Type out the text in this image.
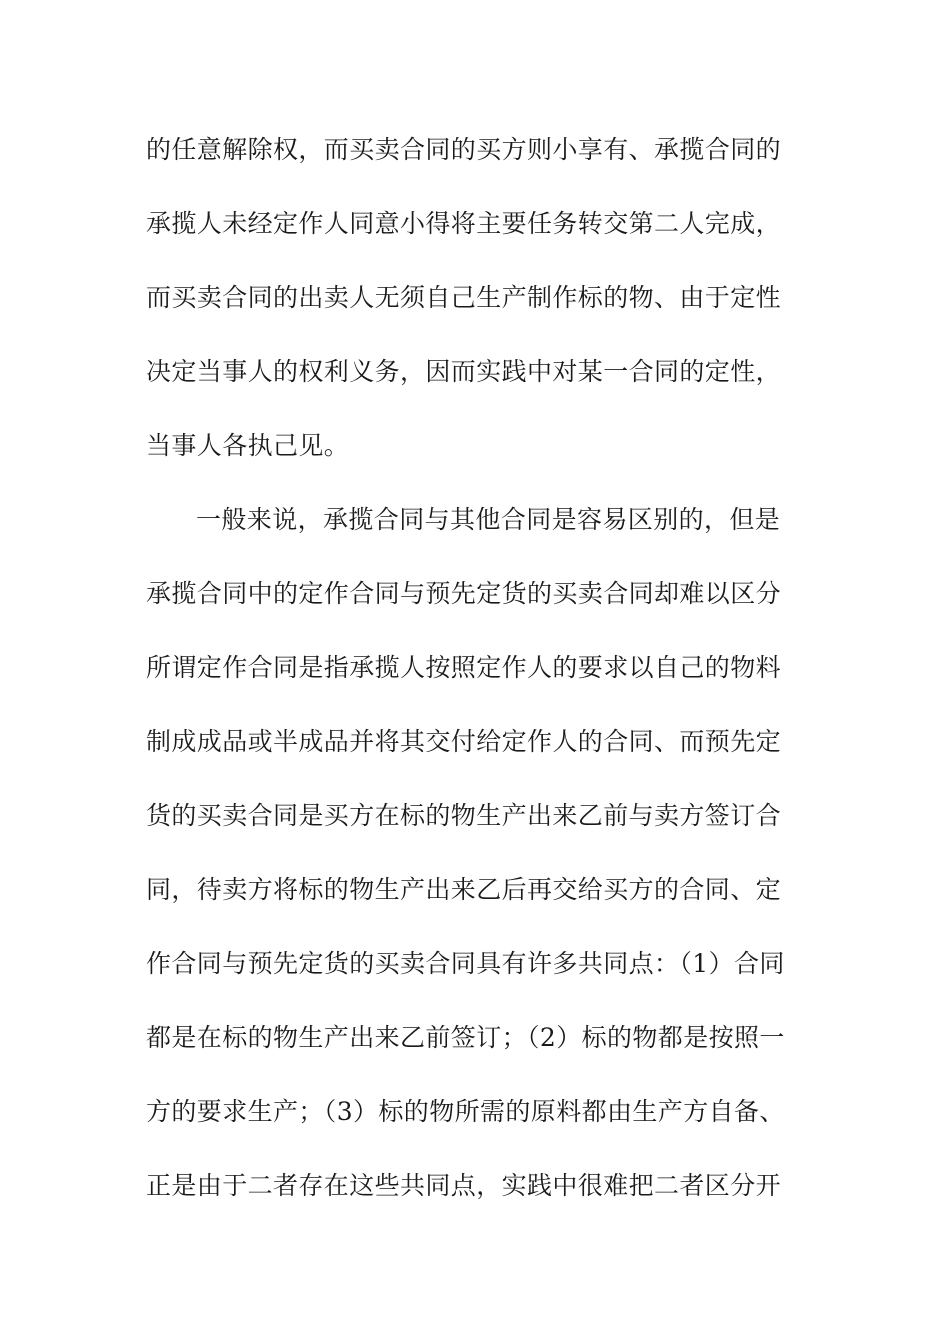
的任意解除权，而买卖合同的买方则小享有、承揽合同的
承揽人未经定作人同意小得将主要任务转交第二人完成，
而买卖合同的出卖人无须自己生产制作标的物、由于定性
决定当事人的权利义务，因而实践中对某一合同的定性，
当事人各执己见。
一般来说，承揽合同与其他合同是容易区别的，但是
承揽合同中的定作合同与预先定货的买卖合同却难以区分
所谓定作合同是指承揽人按照定作人的要求以自己的物料
制成成品或半成品并将其交付给定作人的合同、而预先定
货的买卖合同是买方在标的物生产出来乙前与卖方签订合
同，待卖方将标的物生产出来乙后再交给买方的合同、定
作合同与预先定货的买卖合同具有许多共同点：（1）合同
都是在标的物生产出来乙前签订；（2）标的物都是按照一
方的要求生产；（3）标的物所需的原料都由生产方自备、
正是由于二者存在这些共同点，实践中很难把二者区分开
